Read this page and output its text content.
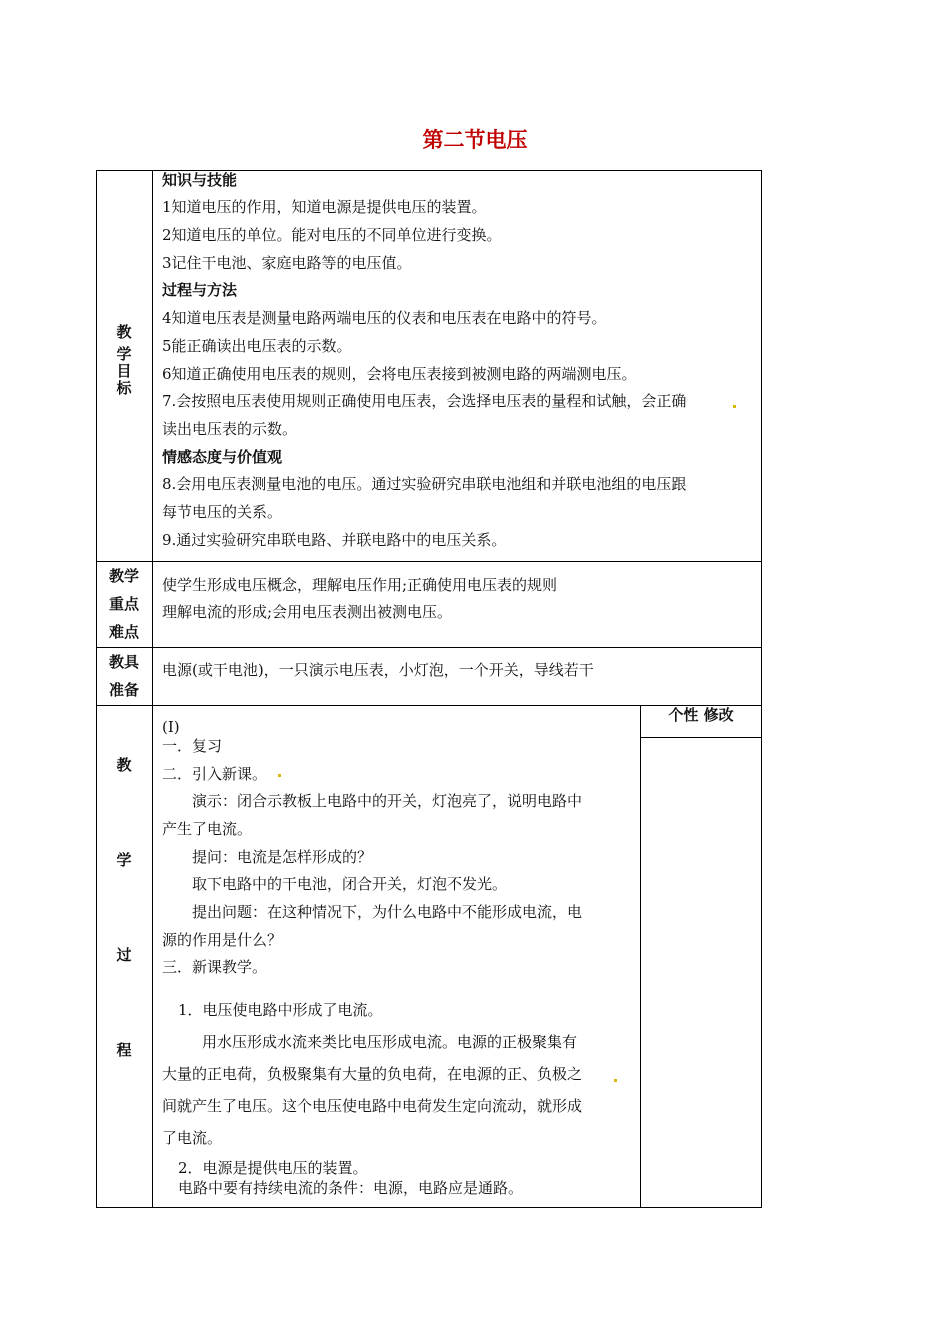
第二节电压
教
学
目
标
知识与技能
1知道电压的作用，知道电源是提供电压的装置。
2知道电压的单位。能对电压的不同单位进行变换。
3记住干电池、家庭电路等的电压值。
过程与方法
4知道电压表是测量电路两端电压的仪表和电压表在电路中的符号。
5能正确读出电压表的示数。
6知道正确使用电压表的规则，会将电压表接到被测电路的两端测电压。
7.会按照电压表使用规则正确使用电压表，会选择电压表的量程和试触，会正确
读出电压表的示数。
情感态度与价值观
8.会用电压表测量电池的电压。通过实验研究串联电池组和并联电池组的电压跟
每节电压的关系。
9.通过实验研究串联电路、并联电路中的电压关系。
教学
重点
难点
使学生形成电压概念，理解电压作用;正确使用电压表的规则
理解电流的形成;会用电压表测出被测电压。
教具
准备
电源(或干电池)，一只演示电压表，小灯泡，一个开关，导线若干
教
学
过
程
个性 修改
(I)
一．复习
二．引入新课。
演示：闭合示教板上电路中的开关，灯泡亮了，说明电路中
产生了电流。
提问：电流是怎样形成的？
取下电路中的干电池，闭合开关，灯泡不发光。
提出问题：在这种情况下，为什么电路中不能形成电流，电
源的作用是什么？
三．新课教学。
1．电压使电路中形成了电流。
用水压形成水流来类比电压形成电流。电源的正极聚集有
大量的正电荷，负极聚集有大量的负电荷，在电源的正、负极之
间就产生了电压。这个电压使电路中电荷发生定向流动，就形成
了电流。
2．电源是提供电压的装置。
电路中要有持续电流的条件：电源，电路应是通路。
